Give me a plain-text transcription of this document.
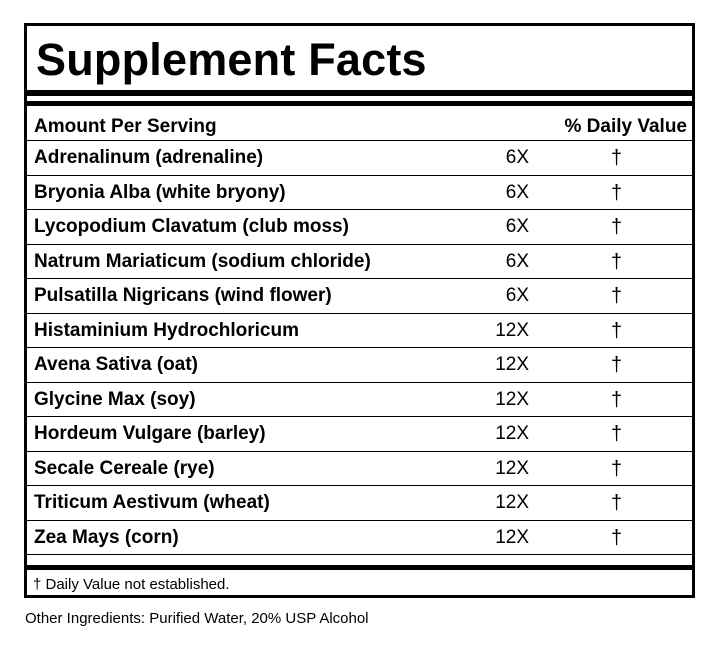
Supplement Facts
Amount Per Serving	% Daily Value
Adrenalinum (adrenaline)	6X	†
Bryonia Alba (white bryony)	6X	†
Lycopodium Clavatum (club moss)	6X	†
Natrum Mariaticum (sodium chloride)	6X	†
Pulsatilla Nigricans (wind flower)	6X	†
Histaminium Hydrochloricum	12X	†
Avena Sativa (oat)	12X	†
Glycine Max (soy)	12X	†
Hordeum Vulgare (barley)	12X	†
Secale Cereale (rye)	12X	†
Triticum Aestivum (wheat)	12X	†
Zea Mays (corn)	12X	†
† Daily Value not established.
Other Ingredients: Purified Water, 20% USP Alcohol
